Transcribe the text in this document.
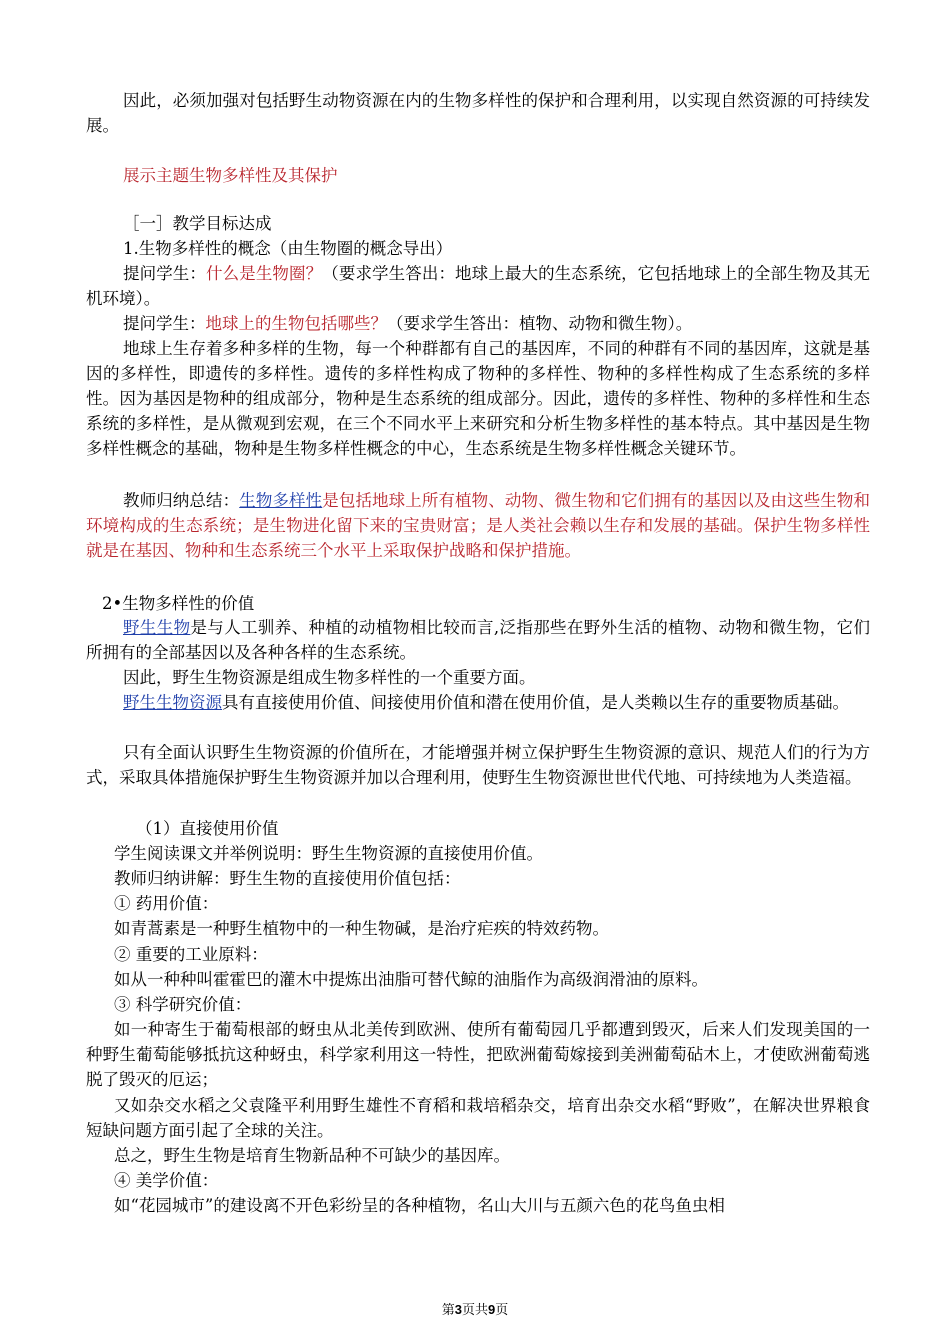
因此，必须加强对包括野生动物资源在内的生物多样性的保护和合理利用，以实现自然资源的可持续发展。

展示主题生物多样性及其保护

［一］教学目标达成

1.生物多样性的概念（由生物圈的概念导出）

提问学生：什么是生物圈？（要求学生答出：地球上最大的生态系统，它包括地球上的全部生物及其无机环境）。

提问学生：地球上的生物包括哪些？（要求学生答出：植物、动物和微生物）。

地球上生存着多种多样的生物，每一个种群都有自己的基因库，不同的种群有不同的基因库，这就是基因的多样性，即遗传的多样性。遗传的多样性构成了物种的多样性、物种的多样性构成了生态系统的多样性。因为基因是物种的组成部分，物种是生态系统的组成部分。因此，遗传的多样性、物种的多样性和生态系统的多样性，是从微观到宏观，在三个不同水平上来研究和分析生物多样性的基本特点。其中基因是生物多样性概念的基础，物种是生物多样性概念的中心，生态系统是生物多样性概念关键环节。

教师归纳总结：生物多样性是包括地球上所有植物、动物、微生物和它们拥有的基因以及由这些生物和环境构成的生态系统；是生物进化留下来的宝贵财富；是人类社会赖以生存和发展的基础。保护生物多样性就是在基因、物种和生态系统三个水平上采取保护战略和保护措施。

2•生物多样性的价值

野生生物是与人工驯养、种植的动植物相比较而言,泛指那些在野外生活的植物、动物和微生物，它们所拥有的全部基因以及各种各样的生态系统。

因此，野生生物资源是组成生物多样性的一个重要方面。

野生生物资源具有直接使用价值、间接使用价值和潜在使用价值，是人类赖以生存的重要物质基础。

只有全面认识野生生物资源的价值所在，才能增强并树立保护野生生物资源的意识、规范人们的行为方式，采取具体措施保护野生生物资源并加以合理利用，使野生生物资源世世代代地、可持续地为人类造福。

（1）直接使用价值

学生阅读课文并举例说明：野生生物资源的直接使用价值。

教师归纳讲解：野生生物的直接使用价值包括：

① 药用价值：

如青蒿素是一种野生植物中的一种生物碱，是治疗疟疾的特效药物。

② 重要的工业原料：

如从一种种叫霍霍巴的灌木中提炼出油脂可替代鲸的油脂作为高级润滑油的原料。

③ 科学研究价值：

如一种寄生于葡萄根部的蚜虫从北美传到欧洲、使所有葡萄园几乎都遭到毁灭，后来人们发现美国的一种野生葡萄能够抵抗这种蚜虫，科学家利用这一特性，把欧洲葡萄嫁接到美洲葡萄砧木上，才使欧洲葡萄逃脱了毁灭的厄运；

又如杂交水稻之父袁隆平利用野生雄性不育稻和栽培稻杂交，培育出杂交水稻“野败”，在解决世界粮食短缺问题方面引起了全球的关注。

总之，野生生物是培育生物新品种不可缺少的基因库。

④ 美学价值：

如“花园城市”的建设离不开色彩纷呈的各种植物，名山大川与五颜六色的花鸟鱼虫相

第3页共9页
